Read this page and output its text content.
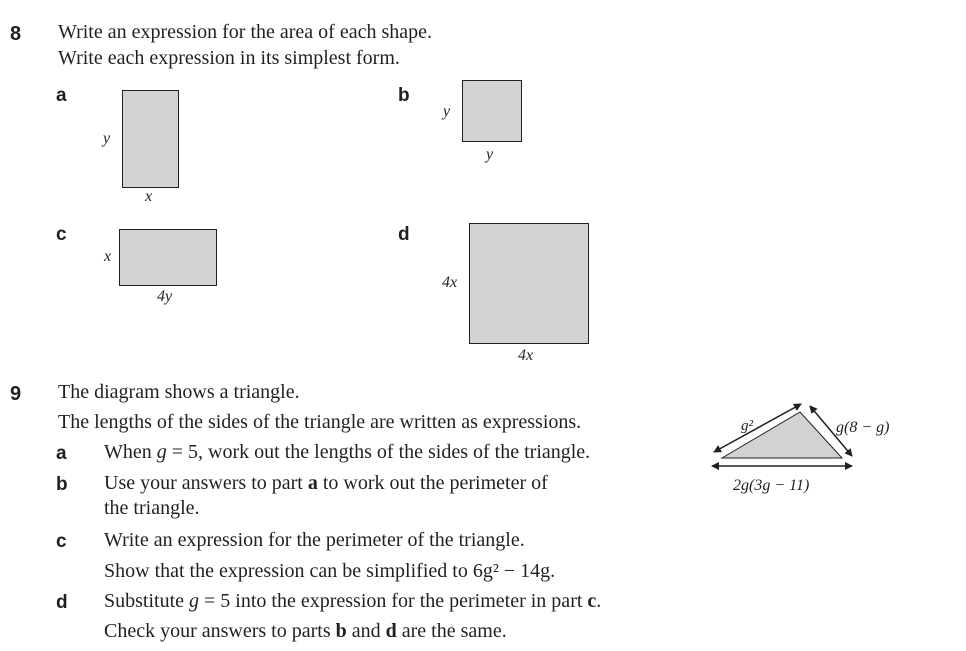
8 Write an expression for the area of each shape.
Write each expression in its simplest form.
a
y
x
b
y
y
c
x
4y
d
4x
4x
9 The diagram shows a triangle.
The lengths of the sides of the triangle are written as expressions.
a When g = 5, work out the lengths of the sides of the triangle.
b Use your answers to part a to work out the perimeter of
the triangle.
c Write an expression for the perimeter of the triangle.
Show that the expression can be simplified to 6g² − 14g.
d Substitute g = 5 into the expression for the perimeter in part c.
Check your answers to parts b and d are the same.
g²	g(8 − g)
2g(3g − 11)
